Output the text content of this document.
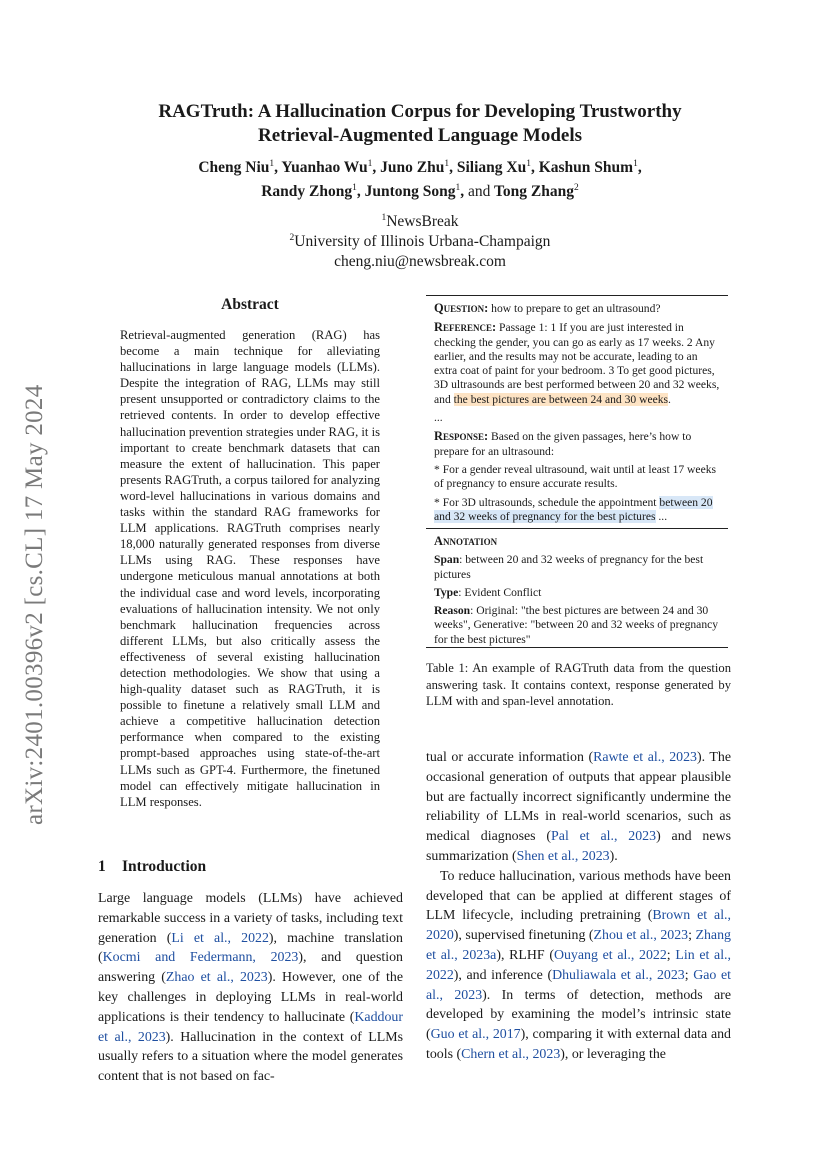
arXiv:2401.00396v2 [cs.CL] 17 May 2024
RAGTruth: A Hallucination Corpus for Developing Trustworthy
Retrieval-Augmented Language Models
Cheng Niu$^1$, Yuanhao Wu$^1$, Juno Zhu$^1$, Siliang Xu$^1$, Kashun Shum$^1$,
Randy Zhong$^1$, Juntong Song$^1$, and Tong Zhang$^2$
$^1$NewsBreak
$^2$University of Illinois Urbana-Champaign
cheng.niu@newsbreak.com
Abstract
Retrieval-augmented generation (RAG) has become a main technique for alleviating hallucinations in large language models (LLMs). Despite the integration of RAG, LLMs may still present unsupported or contradictory claims to the retrieved contents. In order to develop effective hallucination prevention strategies under RAG, it is important to create benchmark datasets that can measure the extent of hallucination. This paper presents RAGTruth, a corpus tailored for analyzing word-level hallucinations in various domains and tasks within the standard RAG frameworks for LLM applications. RAGTruth comprises nearly 18,000 naturally generated responses from diverse LLMs using RAG. These responses have undergone meticulous manual annotations at both the individual case and word levels, incorporating evaluations of hallucination intensity. We not only benchmark hallucination frequencies across different LLMs, but also critically assess the effectiveness of several existing hallucination detection methodologies. We show that using a high-quality dataset such as RAGTruth, it is possible to finetune a relatively small LLM and achieve a competitive hallucination detection performance when compared to the existing prompt-based approaches using state-of-the-art LLMs such as GPT-4. Furthermore, the finetuned model can effectively mitigate hallucination in LLM responses.
1 Introduction
Large language models (LLMs) have achieved remarkable success in a variety of tasks, including text generation (Li et al., 2022), machine translation (Kocmi and Federmann, 2023), and question answering (Zhao et al., 2023). However, one of the key challenges in deploying LLMs in real-world applications is their tendency to hallucinate (Kaddour et al., 2023). Hallucination in the context of LLMs usually refers to a situation where the model generates content that is not based on fac-

Question: how to prepare to get an ultrasound?

Reference: Passage 1: 1 If you are just interested in checking the gender, you can go as early as 17 weeks. 2 Any earlier, and the results may not be accurate, leading to an extra coat of paint for your bedroom. 3 To get good pictures, 3D ultrasounds are best performed between 20 and 32 weeks, and the best pictures are between 24 and 30 weeks.

...

Response: Based on the given passages, here’s how to prepare for an ultrasound:

* For a gender reveal ultrasound, wait until at least 17 weeks of pregnancy to ensure accurate results.

* For 3D ultrasounds, schedule the appointment between 20 and 32 weeks of pregnancy for the best pictures ...

Annotation

Span: between 20 and 32 weeks of pregnancy for the best pictures

Type: Evident Conflict

Reason: Original: "the best pictures are between 24 and 30 weeks", Generative: "between 20 and 32 weeks of pregnancy for the best pictures"

Table 1: An example of RAGTruth data from the question answering task. It contains context, response generated by LLM with and span-level annotation.
tual or accurate information (Rawte et al., 2023). The occasional generation of outputs that appear plausible but are factually incorrect significantly undermine the reliability of LLMs in real-world scenarios, such as medical diagnoses (Pal et al., 2023) and news summarization (Shen et al., 2023).
To reduce hallucination, various methods have been developed that can be applied at different stages of LLM lifecycle, including pretraining (Brown et al., 2020), supervised finetuning (Zhou et al., 2023; Zhang et al., 2023a), RLHF (Ouyang et al., 2022; Lin et al., 2022), and inference (Dhuliawala et al., 2023; Gao et al., 2023). In terms of detection, methods are developed by examining the model’s intrinsic state (Guo et al., 2017), comparing it with external data and tools (Chern et al., 2023), or leveraging the
